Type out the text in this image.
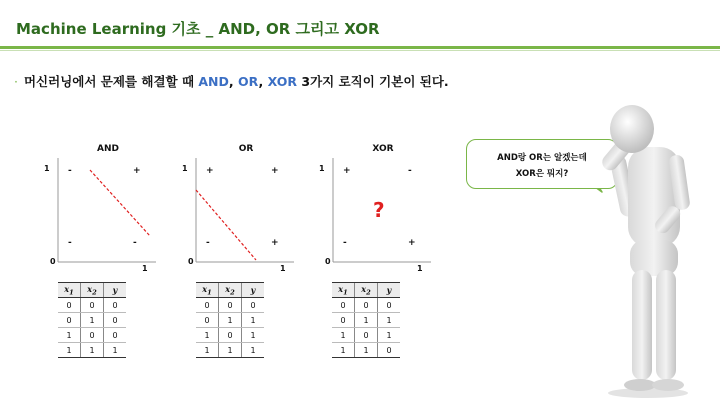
Machine Learning 기초 _ AND, OR 그리고 XOR
· 머신러닝에서 문제를 해결할 때 AND, OR, XOR 3가지 로직이 기본이 된다.
AND
1
0
1
-	+
-	-
OR
1
0
1
+	+
-	+
XOR
1
0
1
+	-
-	+
?
$x_1$	$x_2$	y
0	0	0
0	1	0
1	0	0
1	1	1
$x_1$	$x_2$	y
0	0	0
0	1	1
1	0	1
1	1	1
$x_1$	$x_2$	y
0	0	0
0	1	1
1	0	1
1	1	0
AND랑 OR는 알겠는데
XOR은 뭐지?
